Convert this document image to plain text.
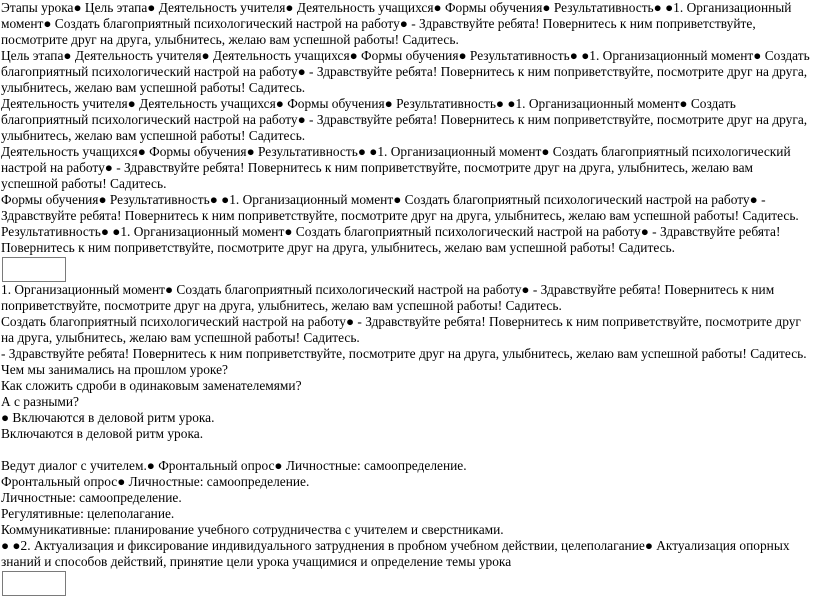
Этапы урока● Цель этапа● Деятельность учителя● Деятельность учащихся● Формы обучения● Результативность● ●1. Организационный момент● Создать благоприятный психологический настрой на работу● - Здравствуйте ребята! Повернитесь к ним поприветствуйте, посмотрите друг на друга, улыбнитесь, желаю вам успешной работы! Садитесь.

Цель этапа● Деятельность учителя● Деятельность учащихся● Формы обучения● Результативность● ●1. Организационный момент● Создать благоприятный психологический настрой на работу● - Здравствуйте ребята! Повернитесь к ним поприветствуйте, посмотрите друг на друга, улыбнитесь, желаю вам успешной работы! Садитесь.

Деятельность учителя● Деятельность учащихся● Формы обучения● Результативность● ●1. Организационный момент● Создать благоприятный психологический настрой на работу● - Здравствуйте ребята! Повернитесь к ним поприветствуйте, посмотрите друг на друга, улыбнитесь, желаю вам успешной работы! Садитесь.

Деятельность учащихся● Формы обучения● Результативность● ●1. Организационный момент● Создать благоприятный психологический настрой на работу● - Здравствуйте ребята! Повернитесь к ним поприветствуйте, посмотрите друг на друга, улыбнитесь, желаю вам успешной работы! Садитесь.

Формы обучения● Результативность● ●1. Организационный момент● Создать благоприятный психологический настрой на работу● - Здравствуйте ребята! Повернитесь к ним поприветствуйте, посмотрите друг на друга, улыбнитесь, желаю вам успешной работы! Садитесь.

Результативность● ●1. Организационный момент● Создать благоприятный психологический настрой на работу● - Здравствуйте ребята! Повернитесь к ним поприветствуйте, посмотрите друг на друга, улыбнитесь, желаю вам успешной работы! Садитесь.

1. Организационный момент● Создать благоприятный психологический настрой на работу● - Здравствуйте ребята! Повернитесь к ним поприветствуйте, посмотрите друг на друга, улыбнитесь, желаю вам успешной работы! Садитесь.

Создать благоприятный психологический настрой на работу● - Здравствуйте ребята! Повернитесь к ним поприветствуйте, посмотрите друг на друга, улыбнитесь, желаю вам успешной работы! Садитесь.

- Здравствуйте ребята! Повернитесь к ним поприветствуйте, посмотрите друг на друга, улыбнитесь, желаю вам успешной работы! Садитесь.

Чем мы занимались на прошлом уроке?

Как сложить сдроби в одинаковым заменателемями?

А с разными?

● Включаются в деловой ритм урока.

Включаются в деловой ритм урока.

Ведут диалог с учителем.● Фронтальный опрос● Личностные: самоопределение.

Фронтальный опрос● Личностные: самоопределение.

Личностные: самоопределение.

Регулятивные: целеполагание.

Коммуникативные: планирование учебного сотрудничества с учителем и сверстниками.

● ●2. Актуализация и фиксирование индивидуального затруднения в пробном учебном действии, целеполагание● Актуализация опорных знаний и способов действий, принятие цели урока учащимися и определение темы урока
